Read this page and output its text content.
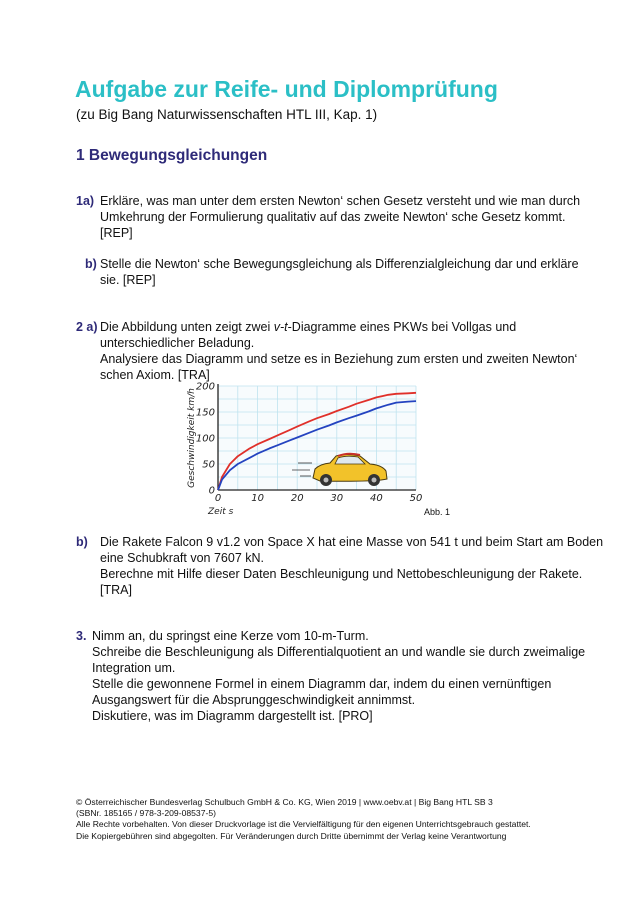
Aufgabe zur Reife- und Diplomprüfung
(zu Big Bang Naturwissenschaften HTL III, Kap. 1)
1 Bewegungsgleichungen
1a) Erkläre, was man unter dem ersten Newton‘ schen Gesetz versteht und wie man durch
Umkehrung der Formulierung qualitativ auf das zweite Newton‘ sche Gesetz kommt.
[REP]
b) Stelle die Newton‘ sche Bewegungsgleichung als Differenzialgleichung dar und erkläre
sie. [REP]
2 a) Die Abbildung unten zeigt zwei v-t-Diagramme eines PKWs bei Vollgas und
unterschiedlicher Beladung.
Analysiere das Diagramm und setze es in Beziehung zum ersten und zweiten Newton‘
schen Axiom. [TRA]
0	10	20	30	40	50
0
50
100
150
200
Zeit s
Geschwindigkeit km/h
Abb. 1
b) Die Rakete Falcon 9 v1.2 von Space X hat eine Masse von 541 t und beim Start am Boden
eine Schubkraft von 7607 kN.
Berechne mit Hilfe dieser Daten Beschleunigung und Nettobeschleunigung der Rakete.
[TRA]
3. Nimm an, du springst eine Kerze vom 10-m-Turm.
Schreibe die Beschleunigung als Differentialquotient an und wandle sie durch zweimalige
Integration um.
Stelle die gewonnene Formel in einem Diagramm dar, indem du einen vernünftigen
Ausgangswert für die Absprunggeschwindigkeit annimmst.
Diskutiere, was im Diagramm dargestellt ist. [PRO]
© Österreichischer Bundesverlag Schulbuch GmbH & Co. KG, Wien 2019 | www.oebv.at | Big Bang HTL SB 3
(SBNr. 185165 / 978-3-209-08537-5)
Alle Rechte vorbehalten. Von dieser Druckvorlage ist die Vervielfältigung für den eigenen Unterrichtsgebrauch gestattet.
Die Kopiergebühren sind abgegolten. Für Veränderungen durch Dritte übernimmt der Verlag keine Verantwortung
